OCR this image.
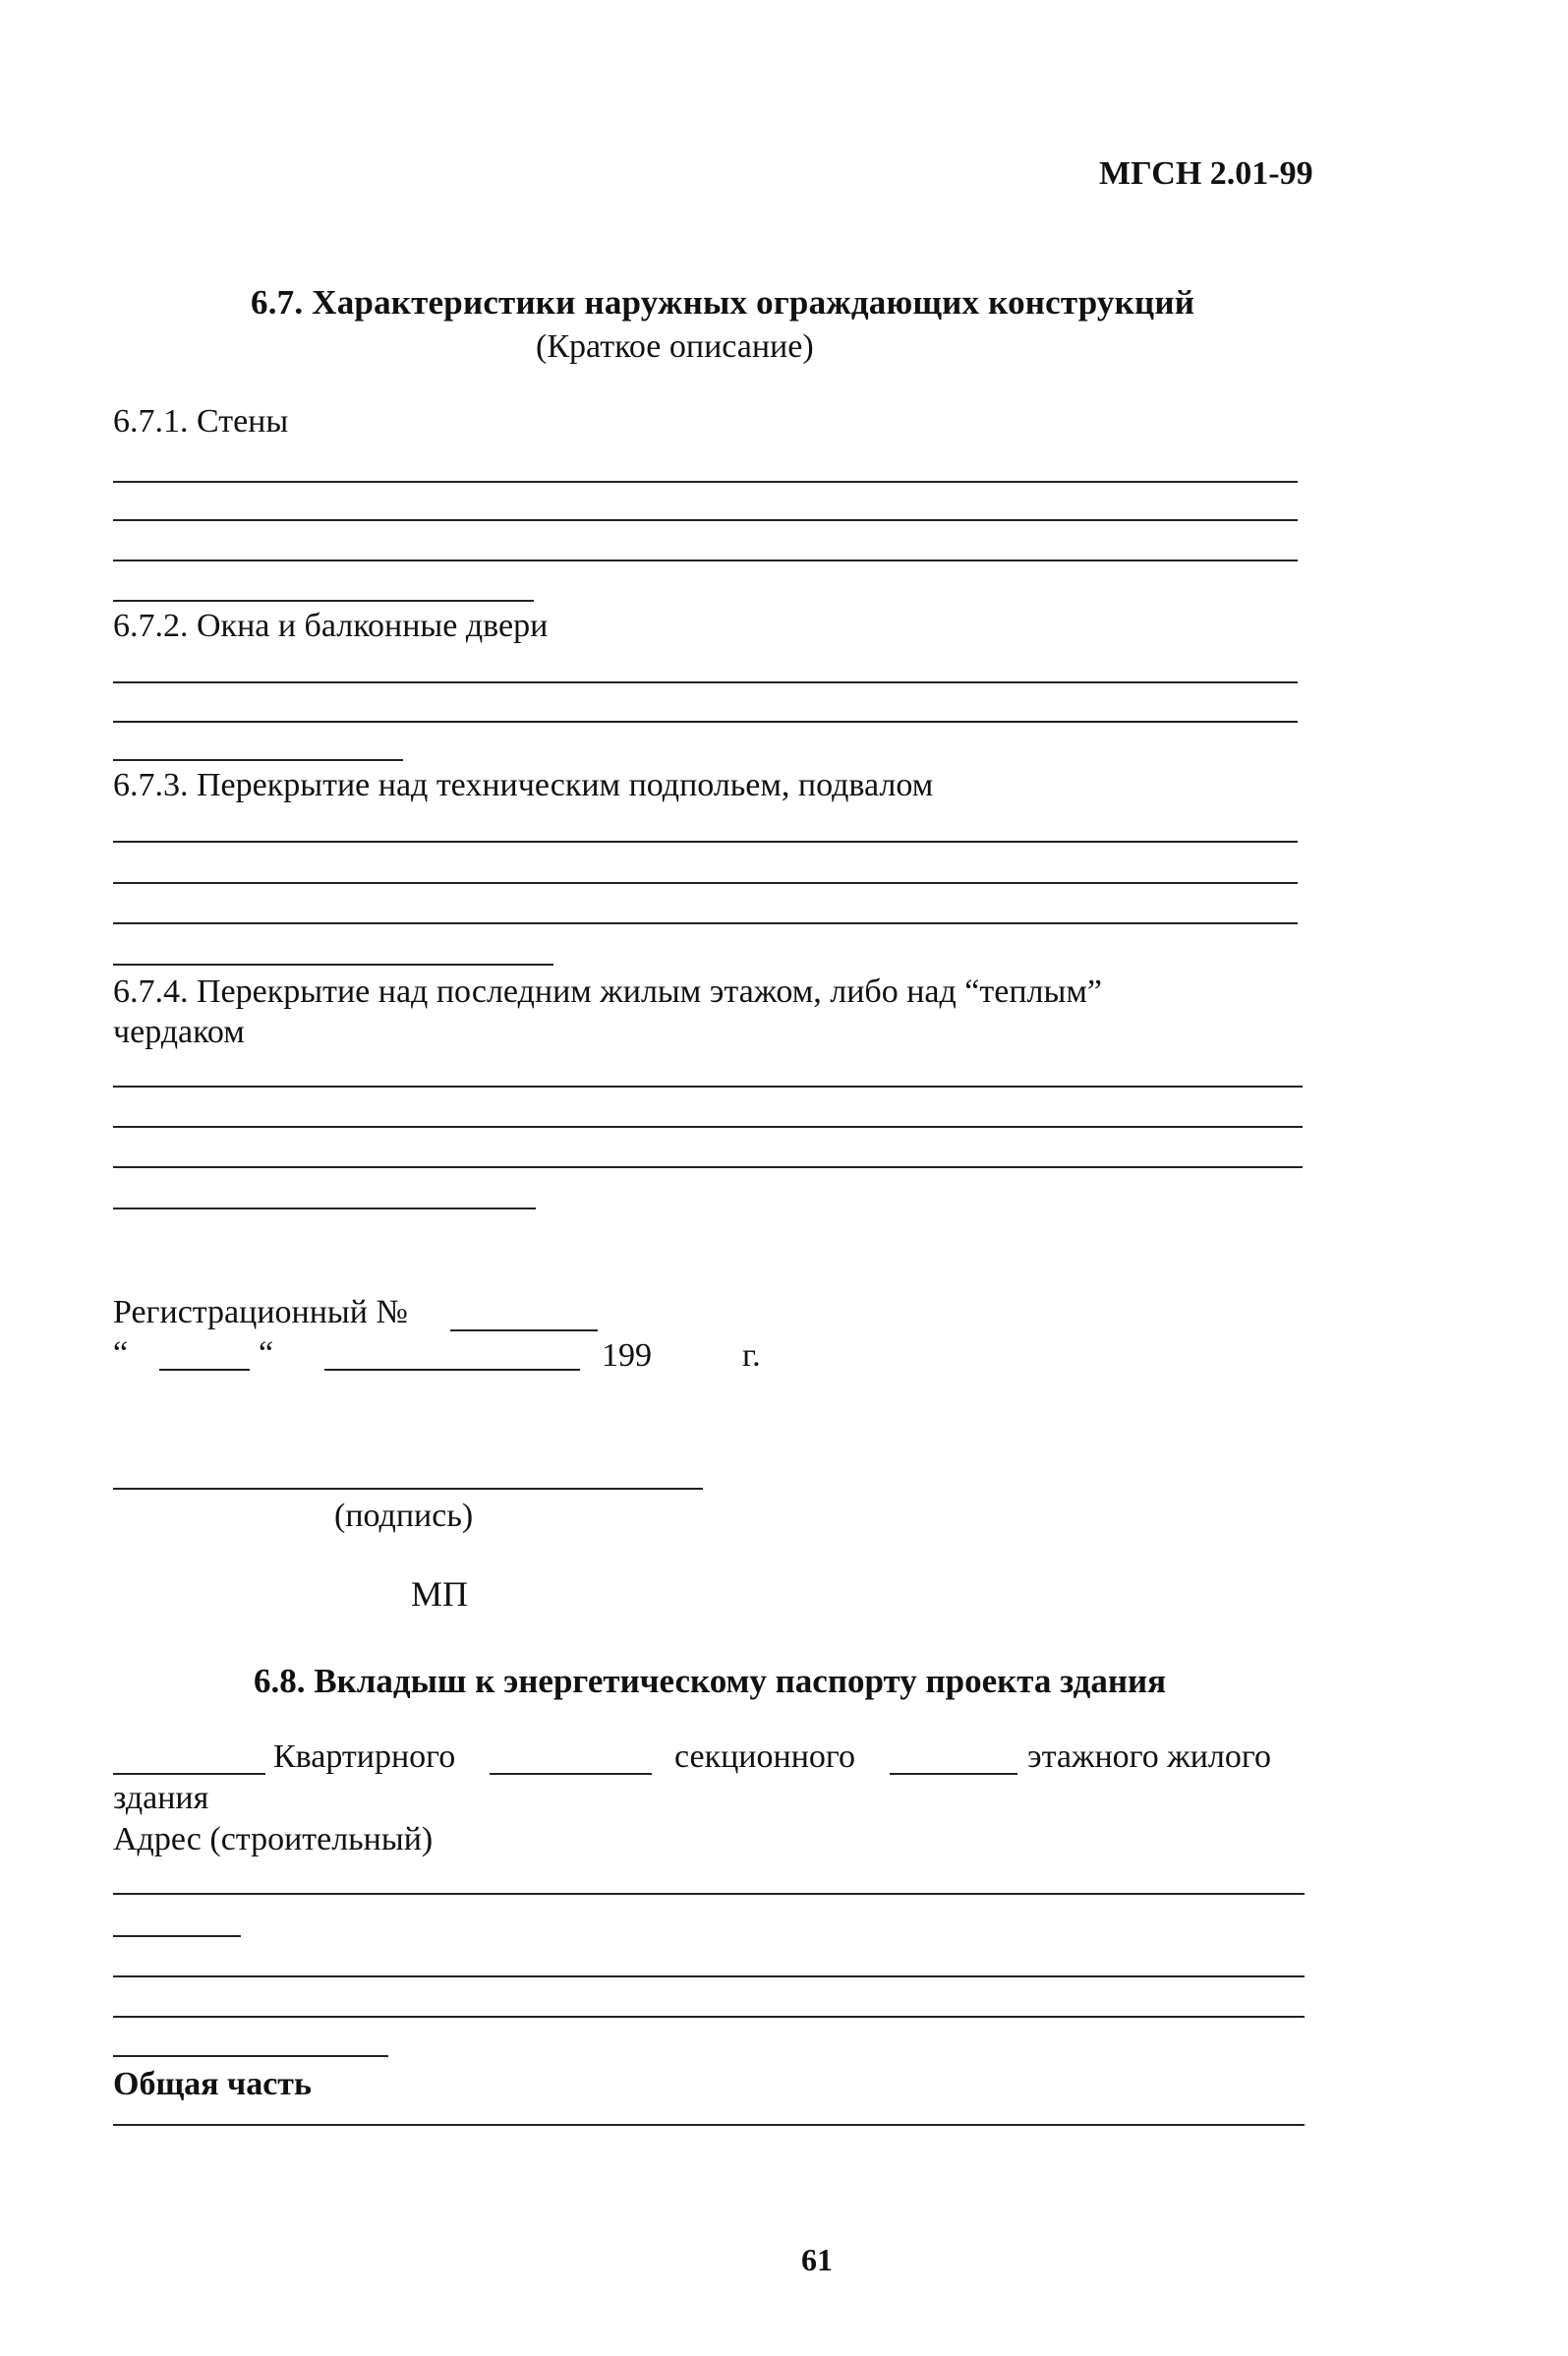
МГСН 2.01-99
6.7. Характеристики наружных ограждающих конструкций
(Краткое описание)
6.7.1. Стены
6.7.2. Окна и балконные двери
6.7.3. Перекрытие над техническим подпольем, подвалом
6.7.4. Перекрытие над последним жилым этажом, либо над “теплым”
чердаком
Регистрационный №
“	“	199	г.
(подпись)
МП
6.8. Вкладыш к энергетическому паспорту проекта здания
Квартирного	секционного	этажного жилого
здания
Адрес (строительный)
Общая часть
61
